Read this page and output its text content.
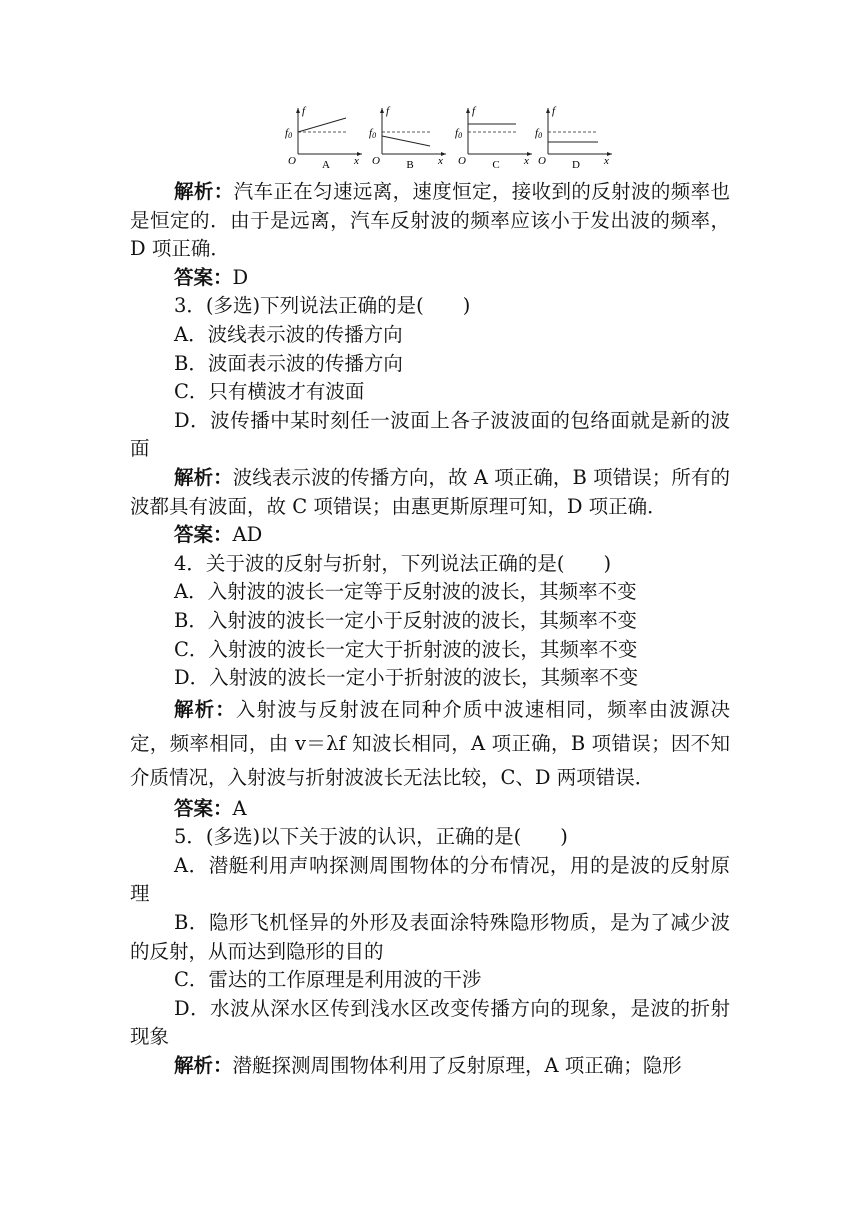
f
f0
O	x
A
f
f0
O	x
B
f
f0
O	x
C
f
f0
O	x
D

解析：汽车正在匀速远离，速度恒定，接收到的反射波的频率也是恒定的．由于是远离，汽车反射波的频率应该小于发出波的频率，D 项正确．

答案：D

3．(多选)下列说法正确的是(　　)

A．波线表示波的传播方向

B．波面表示波的传播方向

C．只有横波才有波面

D．波传播中某时刻任一波面上各子波波面的包络面就是新的波面

解析：波线表示波的传播方向，故 A 项正确，B 项错误；所有的波都具有波面，故 C 项错误；由惠更斯原理可知，D 项正确．

答案：AD

4．关于波的反射与折射，下列说法正确的是(　　)

A．入射波的波长一定等于反射波的波长，其频率不变

B．入射波的波长一定小于反射波的波长，其频率不变

C．入射波的波长一定大于折射波的波长，其频率不变

D．入射波的波长一定小于折射波的波长，其频率不变

解析：入射波与反射波在同种介质中波速相同，频率由波源决定，频率相同，由 v＝λf 知波长相同，A 项正确，B 项错误；因不知介质情况，入射波与折射波波长无法比较，C、D 两项错误．

答案：A

5．(多选)以下关于波的认识，正确的是(　　)

A．潜艇利用声呐探测周围物体的分布情况，用的是波的反射原理

B．隐形飞机怪异的外形及表面涂特殊隐形物质，是为了减少波的反射，从而达到隐形的目的

C．雷达的工作原理是利用波的干涉

D．水波从深水区传到浅水区改变传播方向的现象，是波的折射现象

解析：潜艇探测周围物体利用了反射原理，A 项正确；隐形
